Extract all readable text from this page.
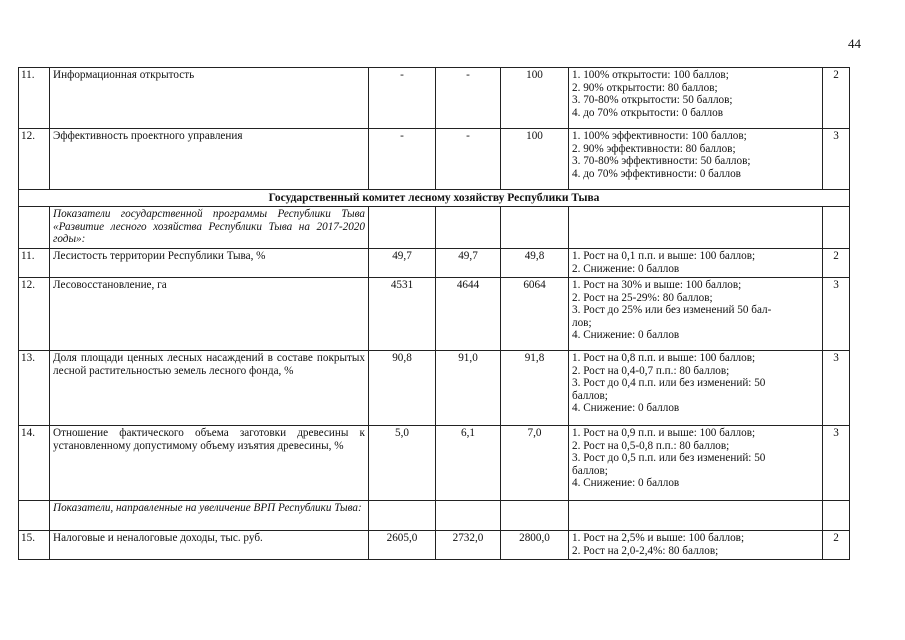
44
11.	Информационная открытость	-	-	100	1. 100% открытости: 100 баллов;
2. 90% открытости: 80 баллов;
3. 70-80% открытости: 50 баллов;
4. до 70% открытости: 0 баллов	2
12.	Эффективность проектного управления	-	-	100	1. 100% эффективности: 100 баллов;
2. 90% эффективности: 80 баллов;
3. 70-80% эффективности: 50 баллов;
4. до 70% эффективности: 0 баллов	3
Государственный комитет лесному хозяйству Республики Тыва						
	Показатели государственной программы Республики Тыва «Развитие лесного хозяйства Республики Тыва на 2017-2020 годы»:					
11.	Лесистость территории Республики Тыва, %	49,7	49,7	49,8	1. Рост на 0,1 п.п. и выше: 100 баллов;
2. Снижение: 0 баллов	2
12.	Лесовосстановление, га	4531	4644	6064	1. Рост на 30% и выше: 100 баллов;
2. Рост на 25-29%: 80 баллов;
3. Рост до 25% или без изменений 50 бал-
лов;
4. Снижение: 0 баллов	3
13.	Доля площади ценных лесных насаждений в составе покрытых лесной растительностью земель лесного фонда, %	90,8	91,0	91,8	1. Рост на 0,8 п.п. и выше: 100 баллов;
2. Рост на 0,4-0,7 п.п.: 80 баллов;
3. Рост до 0,4 п.п. или без изменений: 50
баллов;
4. Снижение: 0 баллов	3
14.	Отношение фактического объема заготовки древесины к установленному допустимому объему изъятия древесины, %	5,0	6,1	7,0	1. Рост на 0,9 п.п. и выше: 100 баллов;
2. Рост на 0,5-0,8 п.п.: 80 баллов;
3. Рост до 0,5 п.п. или без изменений: 50
баллов;
4. Снижение: 0 баллов	3
	Показатели, направленные на увеличение ВРП Республики Тыва:					
15.	Налоговые и неналоговые доходы, тыс. руб.	2605,0	2732,0	2800,0	1. Рост на 2,5% и выше: 100 баллов;
2. Рост на 2,0-2,4%: 80 баллов;	2
